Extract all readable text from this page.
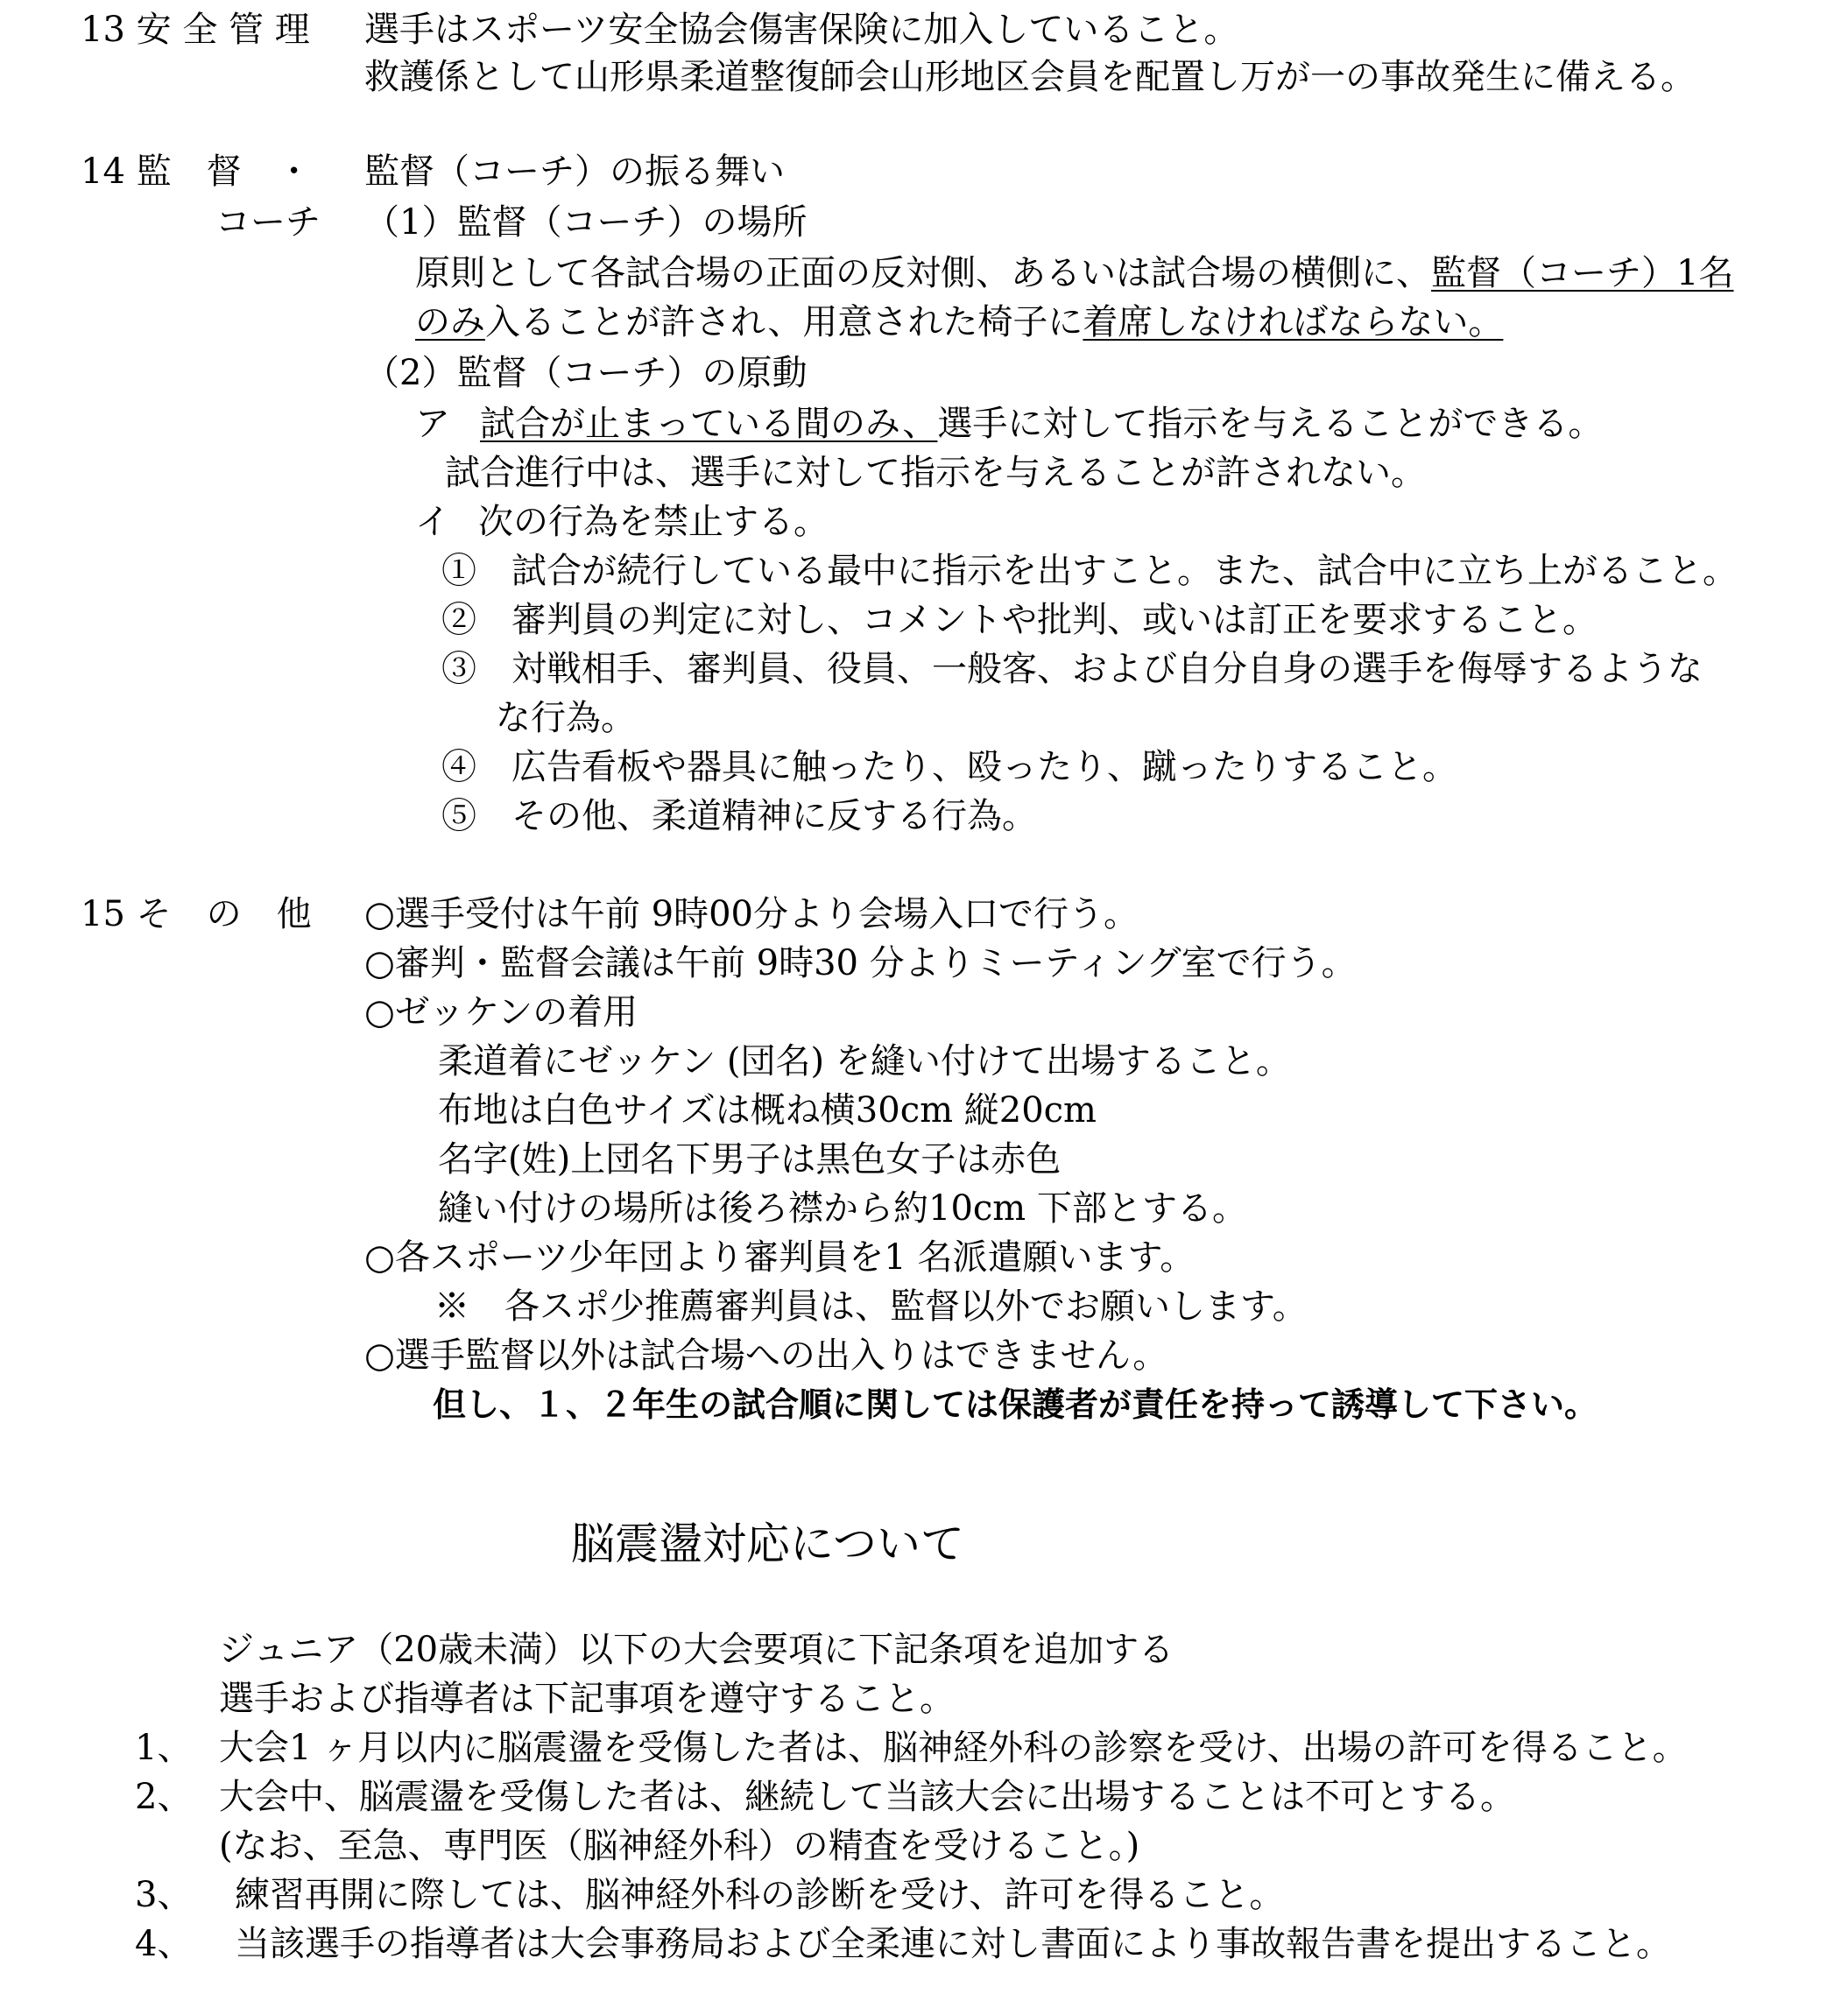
13 安 全 管 理 選手はスポーツ安全協会傷害保険に加入していること。
救護係として山形県柔道整復師会山形地区会員を配置し万が一の事故発生に備える。
14 監　督　・ 監督（コーチ）の振る舞い
コーチ （1）監督（コーチ）の場所
原則として各試合場の正面の反対側、あるいは試合場の横側に、監督（コーチ）1名
のみ入ることが許され、用意された椅子に着席しなければならない。
（2）監督（コーチ）の原動
ア 試合が止まっている間のみ、選手に対して指示を与えることができる。
試合進行中は、選手に対して指示を与えることが許されない。
イ 次の行為を禁止する。
①　試合が続行している最中に指示を出すこと。また、試合中に立ち上がること。
②　審判員の判定に対し、コメントや批判、或いは訂正を要求すること。
③　対戦相手、審判員、役員、一般客、および自分自身の選手を侮辱するような
な行為。
④　広告看板や器具に触ったり、殴ったり、蹴ったりすること。
⑤　その他、柔道精神に反する行為。
15 そ　の　他 ○選手受付は午前 9時00分より会場入口で行う。
○審判・監督会議は午前 9時30 分よりミーティング室で行う。
○ゼッケンの着用
柔道着にゼッケン (団名) を縫い付けて出場すること。
布地は白色サイズは概ね横30cm 縦20cm
名字(姓)上団名下男子は黒色女子は赤色
縫い付けの場所は後ろ襟から約10cm 下部とする。
○各スポーツ少年団より審判員を1 名派遣願います。
※　各スポ少推薦審判員は、監督以外でお願いします。
○選手監督以外は試合場への出入りはできません。
但し、１、２年生の試合順に関しては保護者が責任を持って誘導して下さい。
脳震盪対応について
ジュニア（20歳未満）以下の大会要項に下記条項を追加する
選手および指導者は下記事項を遵守すること。
1、 大会1 ヶ月以内に脳震盪を受傷した者は、脳神経外科の診察を受け、出場の許可を得ること。
2、 大会中、脳震盪を受傷した者は、継続して当該大会に出場することは不可とする。
(なお、至急、専門医（脳神経外科）の精査を受けること。)
3、 練習再開に際しては、脳神経外科の診断を受け、許可を得ること。
4、 当該選手の指導者は大会事務局および全柔連に対し書面により事故報告書を提出すること。
